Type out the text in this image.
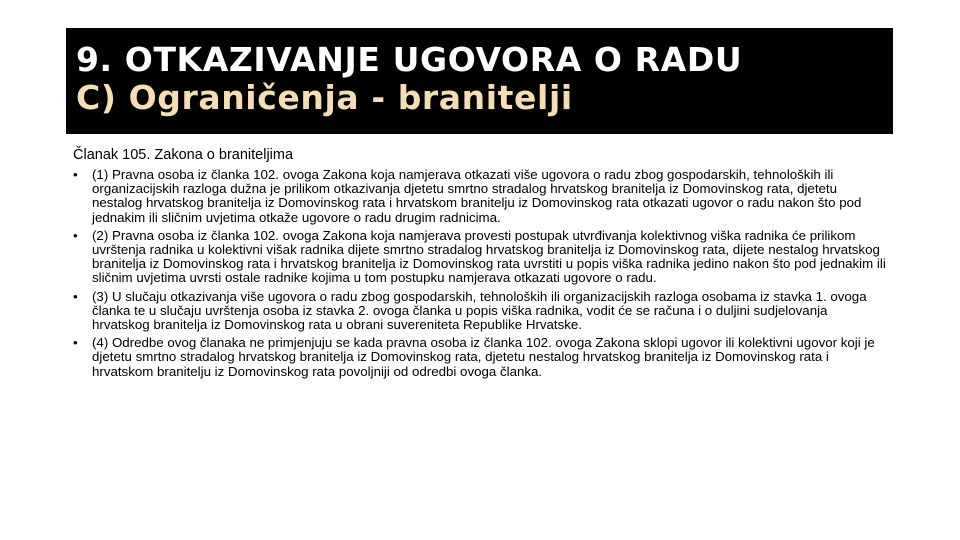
9. OTKAZIVANJE UGOVORA O RADU
C) Ograničenja - branitelji
Članak 105. Zakona o braniteljima
•	(1) Pravna osoba iz članka 102. ovoga Zakona koja namjerava otkazati više ugovora o radu zbog gospodarskih, tehnoloških ili organizacijskih razloga dužna je prilikom otkazivanja djetetu smrtno stradalog hrvatskog branitelja iz Domovinskog rata, djetetu nestalog hrvatskog branitelja iz Domovinskog rata i hrvatskom branitelju iz Domovinskog rata otkazati ugovor o radu nakon što pod jednakim ili sličnim uvjetima otkaže ugovore o radu drugim radnicima.
•	(2) Pravna osoba iz članka 102. ovoga Zakona koja namjerava provesti postupak utvrđivanja kolektivnog viška radnika će prilikom uvrštenja radnika u kolektivni višak radnika dijete smrtno stradalog hrvatskog branitelja iz Domovinskog rata, dijete nestalog hrvatskog branitelja iz Domovinskog rata i hrvatskog branitelja iz Domovinskog rata uvrstiti u popis viška radnika jedino nakon što pod jednakim ili sličnim uvjetima uvrsti ostale radnike kojima u tom postupku namjerava otkazati ugovore o radu.
•	(3) U slučaju otkazivanja više ugovora o radu zbog gospodarskih, tehnoloških ili organizacijskih razloga osobama iz stavka 1. ovoga članka te u slučaju uvrštenja osoba iz stavka 2. ovoga članka u popis viška radnika, vodit će se računa i o duljini sudjelovanja hrvatskog branitelja iz Domovinskog rata u obrani suvereniteta Republike Hrvatske.
•	(4) Odredbe ovog članaka ne primjenjuju se kada pravna osoba iz članka 102. ovoga Zakona sklopi ugovor ili kolektivni ugovor koji je djetetu smrtno stradalog hrvatskog branitelja iz Domovinskog rata, djetetu nestalog hrvatskog branitelja iz Domovinskog rata i hrvatskom branitelju iz Domovinskog rata povoljniji od odredbi ovoga članka.
